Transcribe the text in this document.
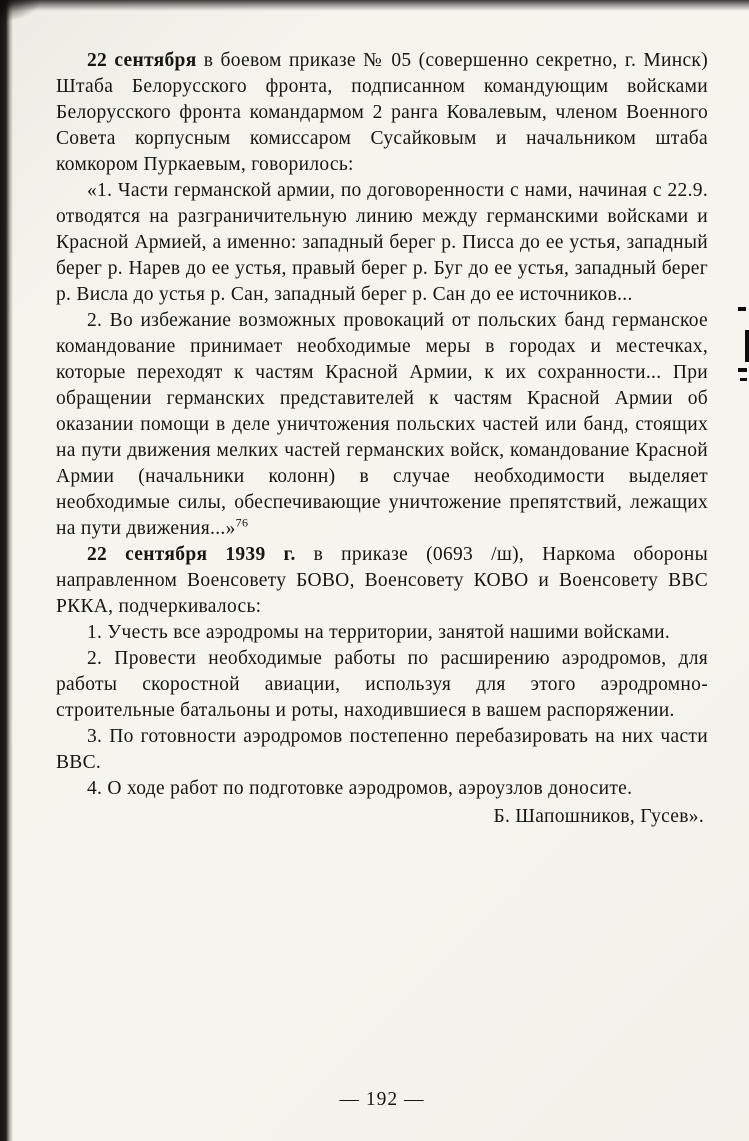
22 сентября в боевом приказе № 05 (совершенно секретно, г. Минск) Штаба Белорусского фронта, подписанном командующим войсками Белорусского фронта командармом 2 ранга Ковалевым, членом Военного Совета корпусным комиссаром Сусайковым и начальником штаба комкором Пуркаевым, говорилось:

«1. Части германской армии, по договоренности с нами, начиная с 22.9. отводятся на разграничительную линию между германскими войсками и Красной Армией, а именно: западный берег р. Писса до ее устья, западный берег р. Нарев до ее устья, правый берег р. Буг до ее устья, западный берег р. Висла до устья р. Сан, западный берег р. Сан до ее источников...

2. Во избежание возможных провокаций от польских банд германское командование принимает необходимые меры в городах и местечках, которые переходят к частям Красной Армии, к их сохранности... При обращении германских представителей к частям Красной Армии об оказании помощи в деле уничтожения польских частей или банд, стоящих на пути движения мелких частей германских войск, командование Красной Армии (начальники колонн) в случае необходимости выделяет необходимые силы, обеспечивающие уничтожение препятствий, лежащих на пути движения...»$^{76}$

22 сентября 1939 г. в приказе (0693 /ш), Наркома обороны направленном Военсовету БОВО, Военсовету КОВО и Военсовету ВВС РККА, подчеркивалось:

1. Учесть все аэродромы на территории, занятой нашими войсками.

2. Провести необходимые работы по расширению аэродромов, для работы скоростной авиации, используя для этого аэродромно-строительные батальоны и роты, находившиеся в вашем распоряжении.

3. По готовности аэродромов постепенно перебазировать на них части ВВС.

4. О ходе работ по подготовке аэродромов, аэроузлов доносите.

Б. Шапошников, Гусев».

— 192 —
